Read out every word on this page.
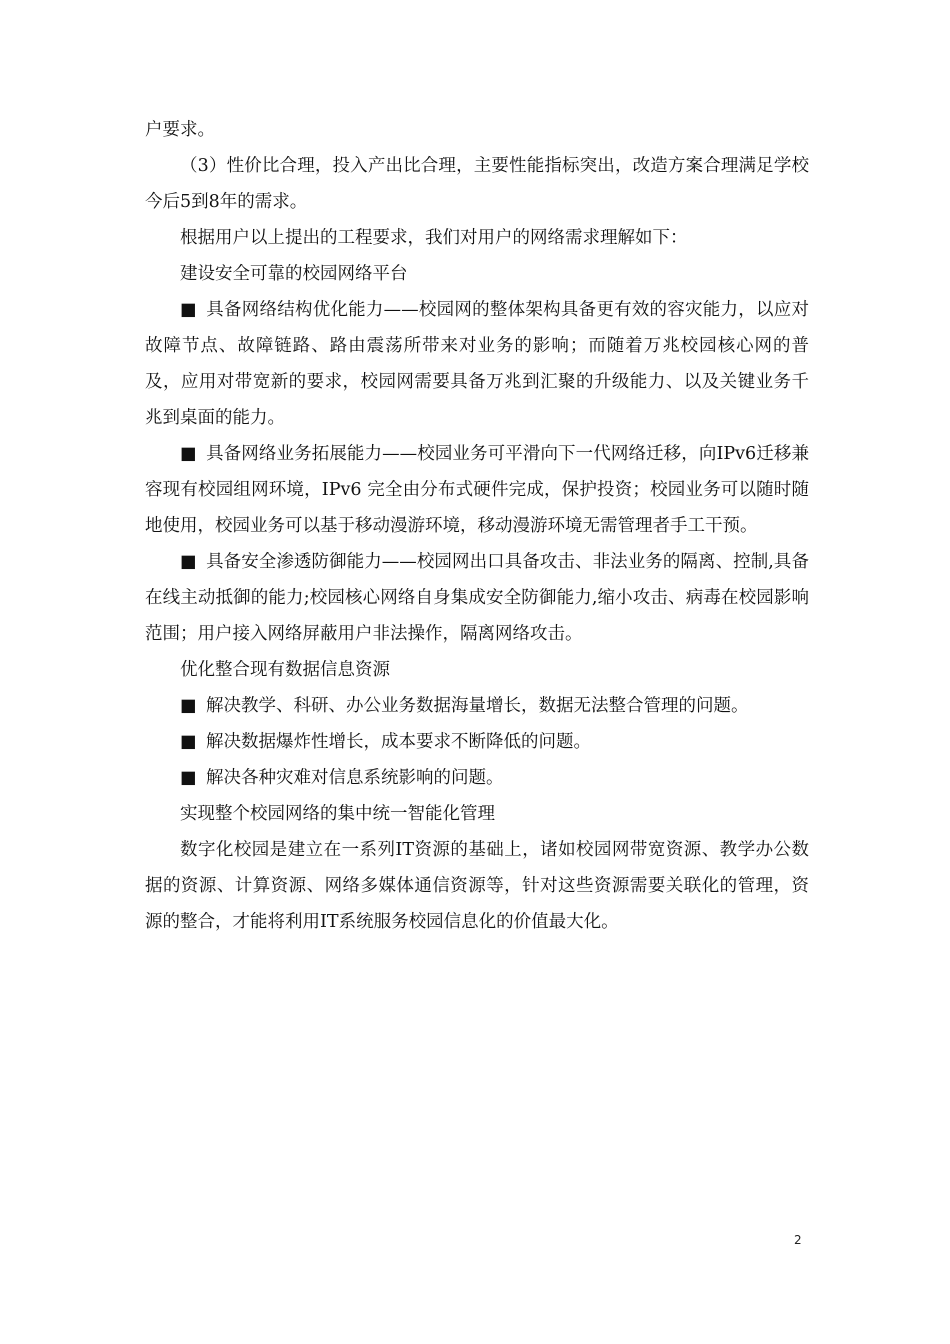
户要求。

（3）性价比合理，投入产出比合理，主要性能指标突出，改造方案合理满足学校今后5到8年的需求。

根据用户以上提出的工程要求，我们对用户的网络需求理解如下：

建设安全可靠的校园网络平台

■ 具备网络结构优化能力——校园网的整体架构具备更有效的容灾能力，以应对故障节点、故障链路、路由震荡所带来对业务的影响；而随着万兆校园核心网的普及，应用对带宽新的要求，校园网需要具备万兆到汇聚的升级能力、以及关键业务千兆到桌面的能力。

■ 具备网络业务拓展能力——校园业务可平滑向下一代网络迁移，向IPv6迁移兼容现有校园组网环境，IPv6 完全由分布式硬件完成，保护投资；校园业务可以随时随地使用，校园业务可以基于移动漫游环境，移动漫游环境无需管理者手工干预。

■ 具备安全渗透防御能力——校园网出口具备攻击、非法业务的隔离、控制,具备在线主动抵御的能力;校园核心网络自身集成安全防御能力,缩小攻击、病毒在校园影响范围；用户接入网络屏蔽用户非法操作，隔离网络攻击。

优化整合现有数据信息资源

■ 解决教学、科研、办公业务数据海量增长，数据无法整合管理的问题。

■ 解决数据爆炸性增长，成本要求不断降低的问题。

■ 解决各种灾难对信息系统影响的问题。

实现整个校园网络的集中统一智能化管理

数字化校园是建立在一系列IT资源的基础上，诸如校园网带宽资源、教学办公数据的资源、计算资源、网络多媒体通信资源等，针对这些资源需要关联化的管理，资源的整合，才能将利用IT系统服务校园信息化的价值最大化。

2
